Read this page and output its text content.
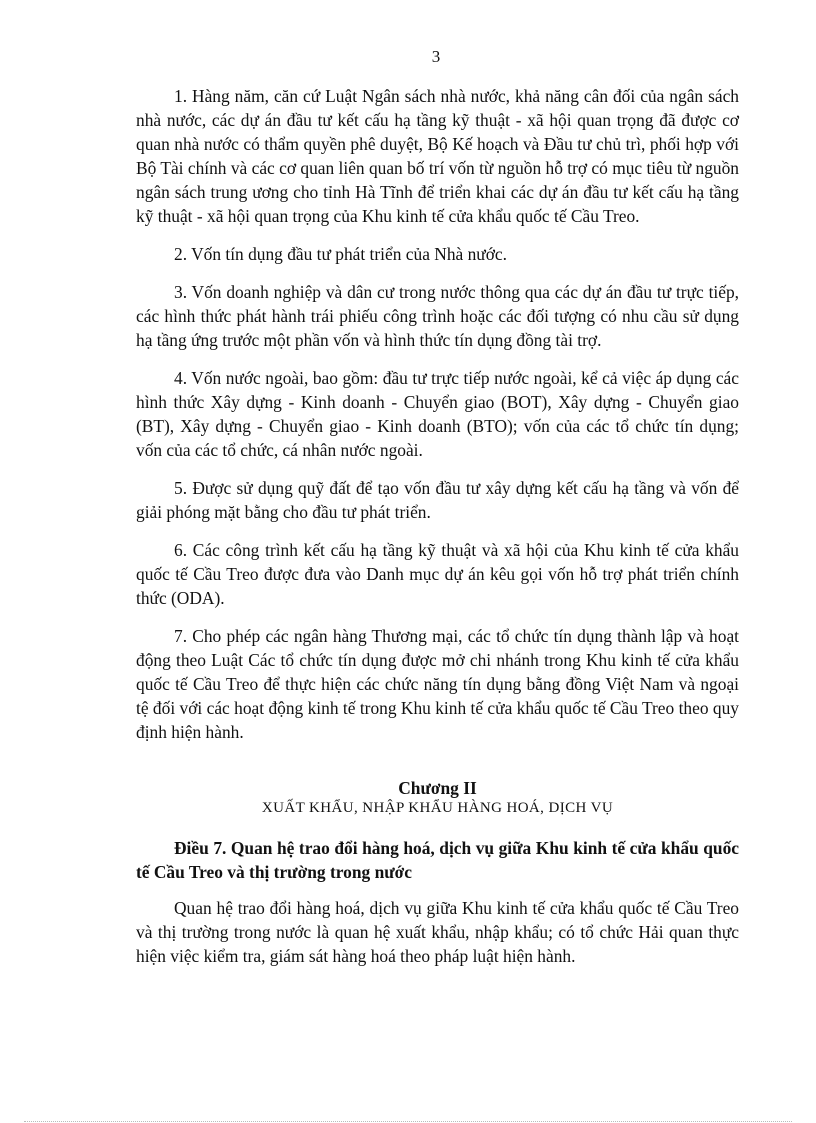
3

1. Hàng năm, căn cứ Luật Ngân sách nhà nước, khả năng cân đối của ngân sách nhà nước, các dự án đầu tư kết cấu hạ tầng kỹ thuật - xã hội quan trọng đã được cơ quan nhà nước có thẩm quyền phê duyệt, Bộ Kế hoạch và Đầu tư chủ trì, phối hợp với Bộ Tài chính và các cơ quan liên quan bố trí vốn từ nguồn hỗ trợ có mục tiêu từ nguồn ngân sách trung ương cho tỉnh Hà Tĩnh để triển khai các dự án đầu tư kết cấu hạ tầng kỹ thuật - xã hội quan trọng của Khu kinh tế cửa khẩu quốc tế Cầu Treo.

2. Vốn tín dụng đầu tư phát triển của Nhà nước.

3. Vốn doanh nghiệp và dân cư trong nước thông qua các dự án đầu tư trực tiếp, các hình thức phát hành trái phiếu công trình hoặc các đối tượng có nhu cầu sử dụng hạ tầng ứng trước một phần vốn và hình thức tín dụng đồng tài trợ.

4. Vốn nước ngoài, bao gồm: đầu tư trực tiếp nước ngoài, kể cả việc áp dụng các hình thức Xây dựng - Kinh doanh - Chuyển giao (BOT), Xây dựng - Chuyển giao (BT), Xây dựng - Chuyển giao - Kinh doanh (BTO); vốn của các tổ chức tín dụng; vốn của các tổ chức, cá nhân nước ngoài.

5. Được sử dụng quỹ đất để tạo vốn đầu tư xây dựng kết cấu hạ tầng và vốn để giải phóng mặt bằng cho đầu tư phát triển.

6. Các công trình kết cấu hạ tầng kỹ thuật và xã hội của Khu kinh tế cửa khẩu quốc tế Cầu Treo được đưa vào Danh mục dự án kêu gọi vốn hỗ trợ phát triển chính thức (ODA).

7. Cho phép các ngân hàng Thương mại, các tổ chức tín dụng thành lập và hoạt động theo Luật Các tổ chức tín dụng được mở chi nhánh trong Khu kinh tế cửa khẩu quốc tế Cầu Treo để thực hiện các chức năng tín dụng bằng đồng Việt Nam và ngoại tệ đối với các hoạt động kinh tế trong Khu kinh tế cửa khẩu quốc tế Cầu Treo theo quy định hiện hành.

Chương II
XUẤT KHẨU, NHẬP KHẨU HÀNG HOÁ, DỊCH VỤ

Điều 7. Quan hệ trao đổi hàng hoá, dịch vụ giữa Khu kinh tế cửa khẩu quốc tế Cầu Treo và thị trường trong nước

Quan hệ trao đổi hàng hoá, dịch vụ giữa Khu kinh tế cửa khẩu quốc tế Cầu Treo và thị trường trong nước là quan hệ xuất khẩu, nhập khẩu; có tổ chức Hải quan thực hiện việc kiểm tra, giám sát hàng hoá theo pháp luật hiện hành.
